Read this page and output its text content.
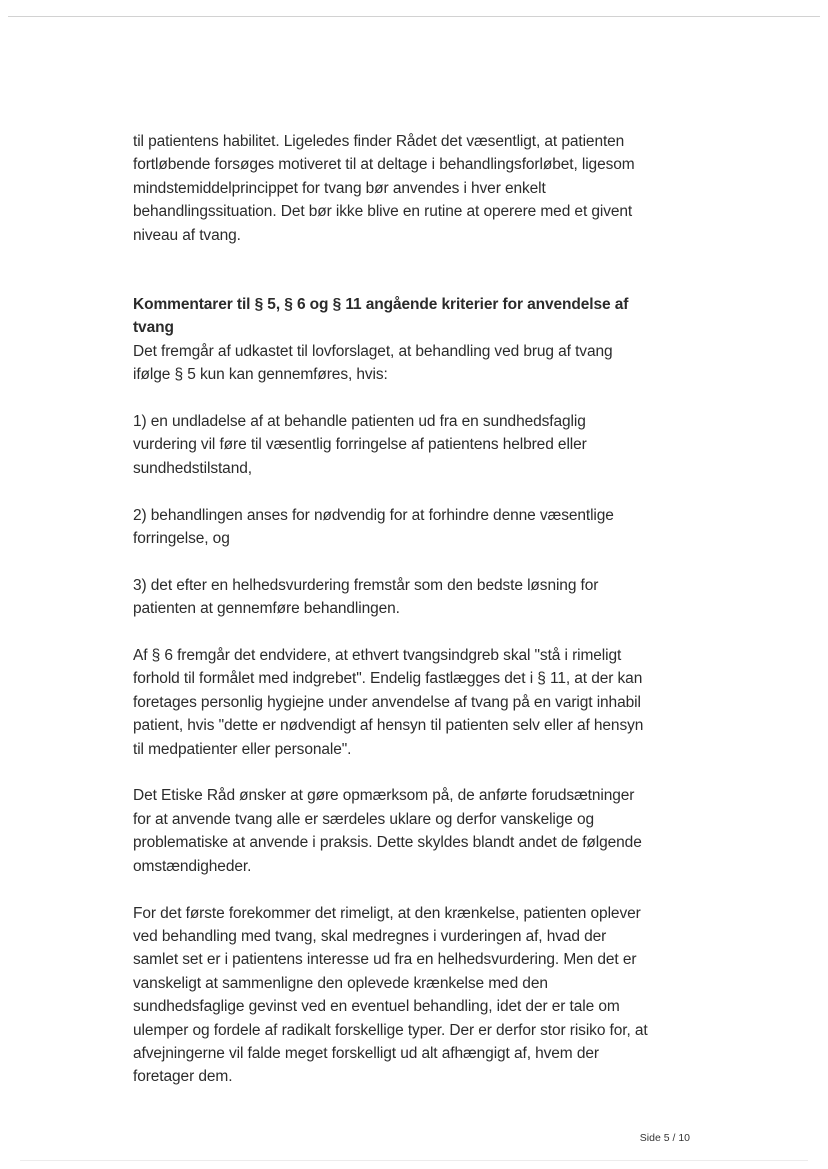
til patientens habilitet. Ligeledes finder Rådet det væsentligt, at patienten fortløbende forsøges motiveret til at deltage i behandlingsforløbet, ligesom mindstemiddelprincippet for tvang bør anvendes i hver enkelt behandlingssituation. Det bør ikke blive en rutine at operere med et givent niveau af tvang.

Kommentarer til § 5, § 6 og § 11 angående kriterier for anvendelse af tvang

Det fremgår af udkastet til lovforslaget, at behandling ved brug af tvang ifølge § 5 kun kan gennemføres, hvis:

1) en undladelse af at behandle patienten ud fra en sundhedsfaglig vurdering vil føre til væsentlig forringelse af patientens helbred eller sundhedstilstand,

2) behandlingen anses for nødvendig for at forhindre denne væsentlige forringelse, og

3) det efter en helhedsvurdering fremstår som den bedste løsning for patienten at gennemføre behandlingen.

Af § 6 fremgår det endvidere, at ethvert tvangsindgreb skal "stå i rimeligt forhold til formålet med indgrebet". Endelig fastlægges det i § 11, at der kan foretages personlig hygiejne under anvendelse af tvang på en varigt inhabil patient, hvis "dette er nødvendigt af hensyn til patienten selv eller af hensyn til medpatienter eller personale".

Det Etiske Råd ønsker at gøre opmærksom på, de anførte forudsætninger for at anvende tvang alle er særdeles uklare og derfor vanskelige og problematiske at anvende i praksis. Dette skyldes blandt andet de følgende omstændigheder.

For det første forekommer det rimeligt, at den krænkelse, patienten oplever ved behandling med tvang, skal medregnes i vurderingen af, hvad der samlet set er i patientens interesse ud fra en helhedsvurdering. Men det er vanskeligt at sammenligne den oplevede krænkelse med den sundhedsfaglige gevinst ved en eventuel behandling, idet der er tale om ulemper og fordele af radikalt forskellige typer. Der er derfor stor risiko for, at afvejningerne vil falde meget forskelligt ud alt afhængigt af, hvem der foretager dem.

Side 5 / 10
